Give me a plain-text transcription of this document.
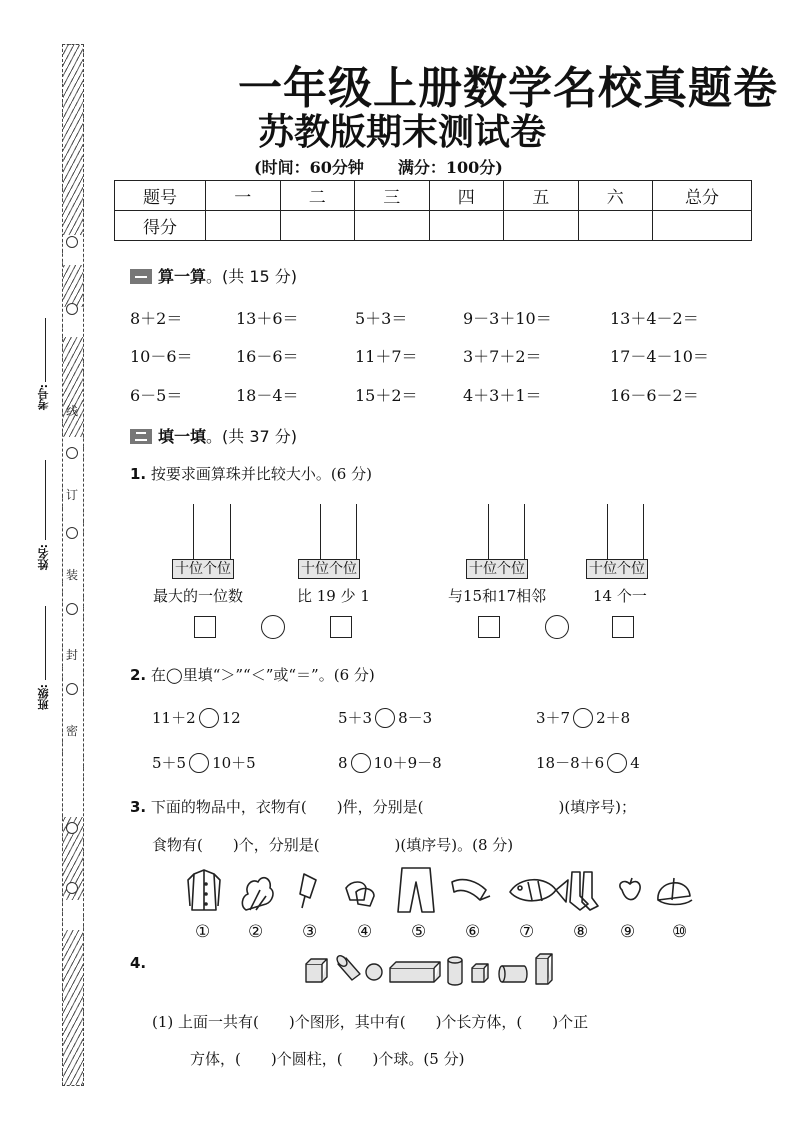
线
订
装
封
密
考号:
姓名:
班级:
一年级上册数学名校真题卷
苏教版期末测试卷
(时间：60分钟 满分：100分)
题号	一	二	三	四	五	六	总分
得分							
算一算。(共 15 分)
8＋2＝	13＋6＝	5＋3＝	9－3＋10＝	13＋4－2＝
10－6＝	16－6＝	11＋7＝	3＋7＋2＝	17－4－10＝
6－5＝	18－4＝	15＋2＝	4＋3＋1＝	16－6－2＝
填一填。(共 37 分)
1. 按要求画算珠并比较大小。(6 分)
十位个位	十位个位	十位个位	十位个位
最大的一位数	比 19 少 1	与15和17相邻	14 个一
2. 在◯里填“＞”“＜”或“＝”。(6 分)
11＋2 12	5＋3 8－3	3＋7 2＋8
5＋5 10＋5	8 10＋9－8	18－8＋6 4
3. 下面的物品中，衣物有(　　)件，分别是(　　　　　　　　　)(填序号)；
食物有(　　)个，分别是(　　　　　)(填序号)。(8 分)
① ② ③ ④ ⑤ ⑥ ⑦ ⑧ ⑨ ⑩
4.
(1) 上面一共有(　　)个图形，其中有(　　)个长方体，(　　)个正
方体，(　　)个圆柱，(　　)个球。(5 分)
